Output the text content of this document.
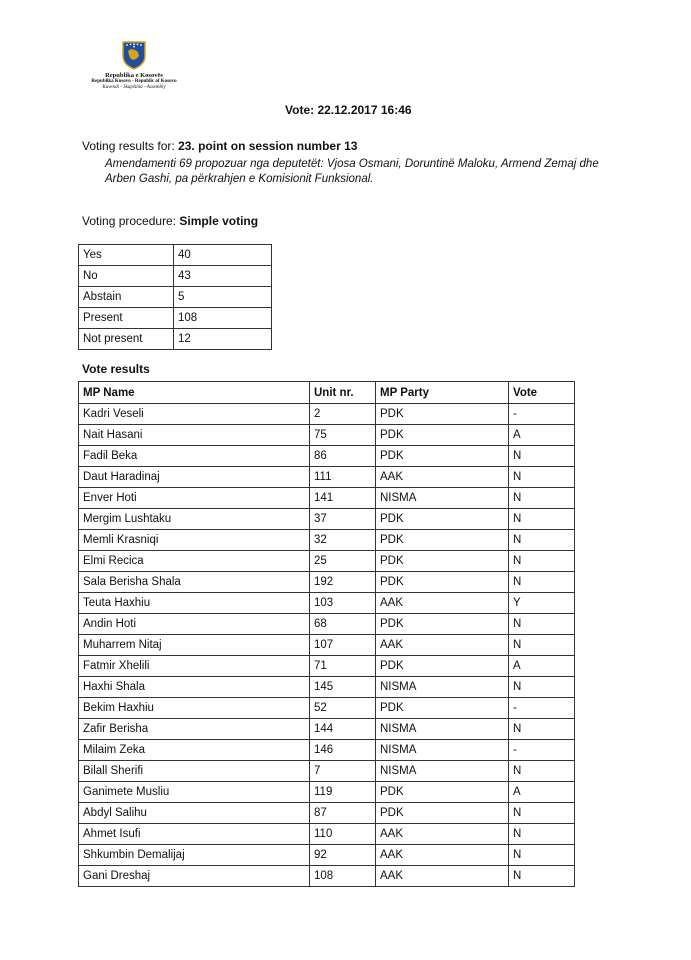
Republika e Kosovës
Republika Kosovo - Republic of Kosovo
Kuvendi - Skupština - Assembly
Vote: 22.12.2017 16:46
Voting results for: 23. point on session number 13
Amendamenti 69 propozuar nga deputetët: Vjosa Osmani, Doruntinë Maloku, Armend Zemaj dhe Arben Gashi, pa përkrahjen e Komisionit Funksional.
Voting procedure: Simple voting
Yes	40
No	43
Abstain	5
Present	108
Not present	12
Vote results
MP Name	Unit nr.	MP Party	Vote
Kadri Veseli	2	PDK	-
Nait Hasani	75	PDK	A
Fadil Beka	86	PDK	N
Daut Haradinaj	111	AAK	N
Enver Hoti	141	NISMA	N
Mergim Lushtaku	37	PDK	N
Memli Krasniqi	32	PDK	N
Elmi Recica	25	PDK	N
Sala Berisha Shala	192	PDK	N
Teuta Haxhiu	103	AAK	Y
Andin Hoti	68	PDK	N
Muharrem Nitaj	107	AAK	N
Fatmir Xhelili	71	PDK	A
Haxhi Shala	145	NISMA	N
Bekim Haxhiu	52	PDK	-
Zafir Berisha	144	NISMA	N
Milaim Zeka	146	NISMA	-
Bilall Sherifi	7	NISMA	N
Ganimete Musliu	119	PDK	A
Abdyl Salihu	87	PDK	N
Ahmet Isufi	110	AAK	N
Shkumbin Demalijaj	92	AAK	N
Gani Dreshaj	108	AAK	N
